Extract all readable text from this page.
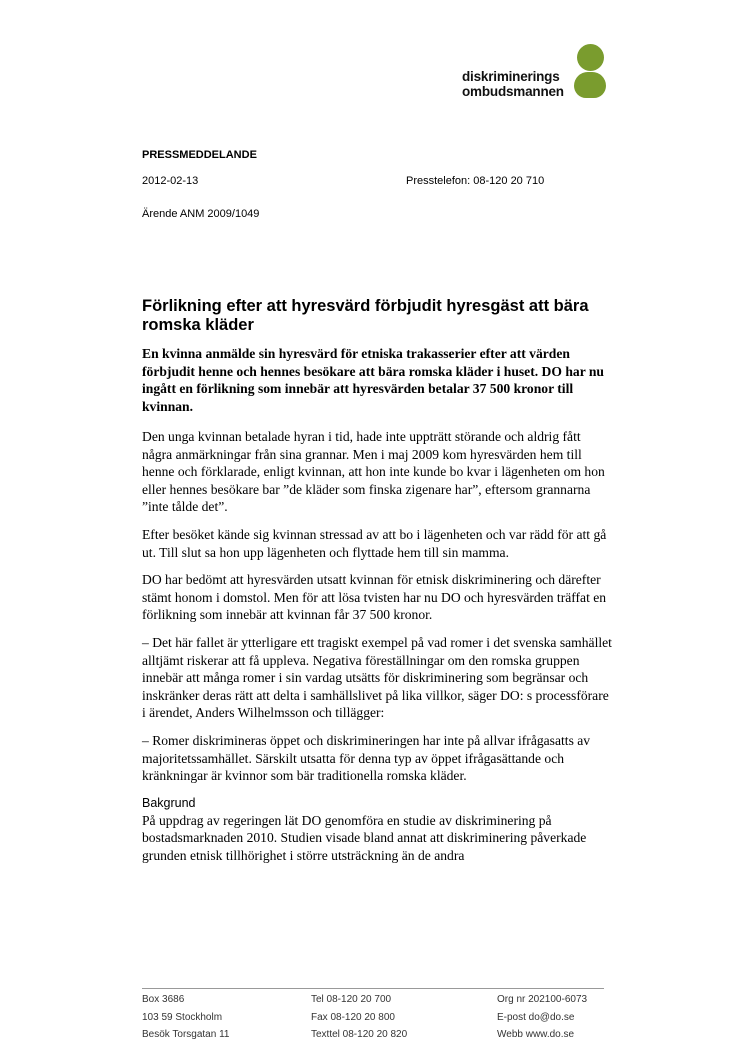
diskriminerings
ombudsmannen
PRESSMEDDELANDE
2012-02-13	Presstelefon: 08-120 20 710
Ärende ANM 2009/1049
Förlikning efter att hyresvärd förbjudit hyresgäst att bära romska kläder
En kvinna anmälde sin hyresvärd för etniska trakasserier efter att värden förbjudit henne och hennes besökare att bära romska kläder i huset. DO har nu ingått en förlikning som innebär att hyresvärden betalar 37 500 kronor till kvinnan.

Den unga kvinnan betalade hyran i tid, hade inte uppträtt störande och aldrig fått några anmärkningar från sina grannar. Men i maj 2009 kom hyresvärden hem till henne och förklarade, enligt kvinnan, att hon inte kunde bo kvar i lägenheten om hon eller hennes besökare bar ”de kläder som finska zigenare har”, eftersom grannarna ”inte tålde det”.

Efter besöket kände sig kvinnan stressad av att bo i lägenheten och var rädd för att gå ut. Till slut sa hon upp lägenheten och flyttade hem till sin mamma.

DO har bedömt att hyresvärden utsatt kvinnan för etnisk diskriminering och därefter stämt honom i domstol. Men för att lösa tvisten har nu DO och hyresvärden träffat en förlikning som innebär att kvinnan får 37 500 kronor.

– Det här fallet är ytterligare ett tragiskt exempel på vad romer i det svenska samhället alltjämt riskerar att få uppleva. Negativa föreställningar om den romska gruppen innebär att många romer i sin vardag utsätts för diskriminering som begränsar och inskränker deras rätt att delta i samhällslivet på lika villkor, säger DO: s processförare i ärendet, Anders Wilhelmsson och tillägger:

– Romer diskrimineras öppet och diskrimineringen har inte på allvar ifrågasatts av majoritetssamhället. Särskilt utsatta för denna typ av öppet ifrågasättande och kränkningar är kvinnor som bär traditionella romska kläder.

Bakgrund

På uppdrag av regeringen lät DO genomföra en studie av diskriminering på bostadsmarknaden 2010. Studien visade bland annat att diskriminering påverkade grunden etnisk tillhörighet i större utsträckning än de andra

Box 3686
103 59 Stockholm
Besök Torsgatan 11
Tel 08-120 20 700
Fax 08-120 20 800
Texttel 08-120 20 820
Org nr 202100-6073
E-post do@do.se
Webb www.do.se
